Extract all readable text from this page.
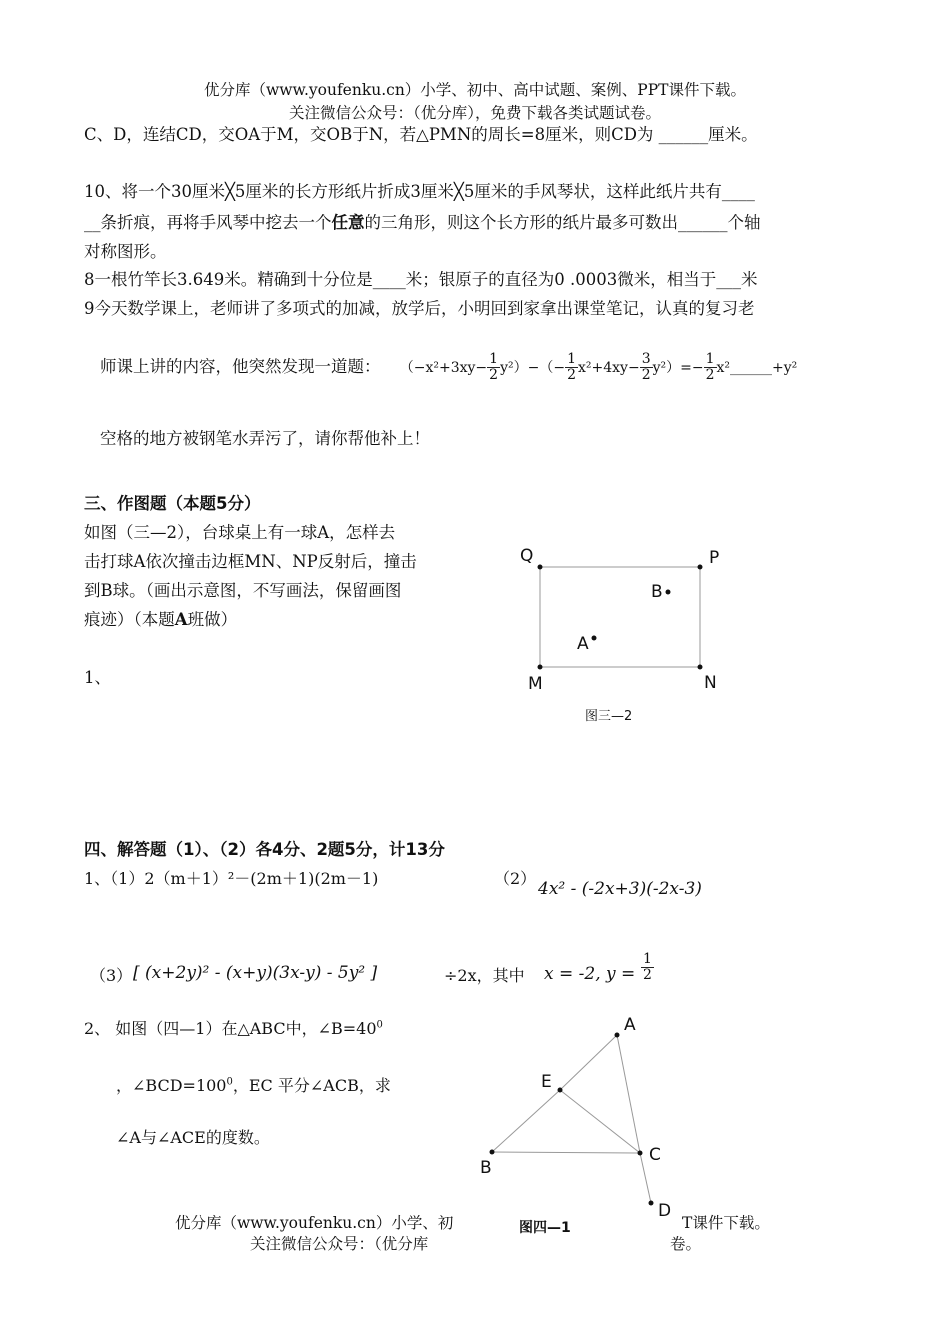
优分库（www.youfenku.cn）小学、初中、高中试题、案例、PPT课件下载。
关注微信公众号：（优分库），免费下载各类试题试卷。
C、D，连结CD，交OA于M，交OB于N，若△PMN的周长=8厘米，则CD为 ______厘米。
10、将一个30厘米╳5厘米的长方形纸片折成3厘米╳5厘米的手风琴状，这样此纸片共有____
__条折痕，再将手风琴中挖去一个任意的三角形，则这个长方形的纸片最多可数出______个轴
对称图形。
8一根竹竿长3.649米。精确到十分位是____米；银原子的直径为0 .0003微米，相当于___米
9今天数学课上，老师讲了多项式的加减，放学后，小明回到家拿出课堂笔记，认真的复习老
师课上讲的内容，他突然发现一道题： $(-x^2+3xy- \frac{1}{2} y^2)-(- \frac{1}{2} x^2+4xy- \frac{3}{2} y^2)=- \frac{1}{2}$ x²______+y²
空格的地方被钢笔水弄污了，请你帮他补上！
三、作图题（本题5分）
如图（三—2），台球桌上有一球A，怎样去
击打球A依次撞击边框MN、NP反射后，撞击
到B球。（画出示意图，不写画法，保留画图
痕迹）（本题A班做）
1、
Q	P
M	N
A
B
图三—2
四、解答题（1）、（2）各4分、2题5分，计13分
1、（1）2（m＋1）²－(2m＋1)(2m－1)	（2）
4x² - (-2x+3)(-2x-3)
（3） [ (x+2y)² - (x+y)(3x-y) - 5y² ]	÷2x，其中 x = -2, $y = \frac{1}{2}$
2、 如图（四—1）在△ABC中，$\angle B=40^0$
，$\angle BCD=100^0$，EC 平分∠ACB，求
∠A与∠ACE的度数。
A
E
B
C
D
优分库（www.youfenku.cn）小学、初	图四—1	T课件下载。
关注微信公众号：（优分库	卷。
